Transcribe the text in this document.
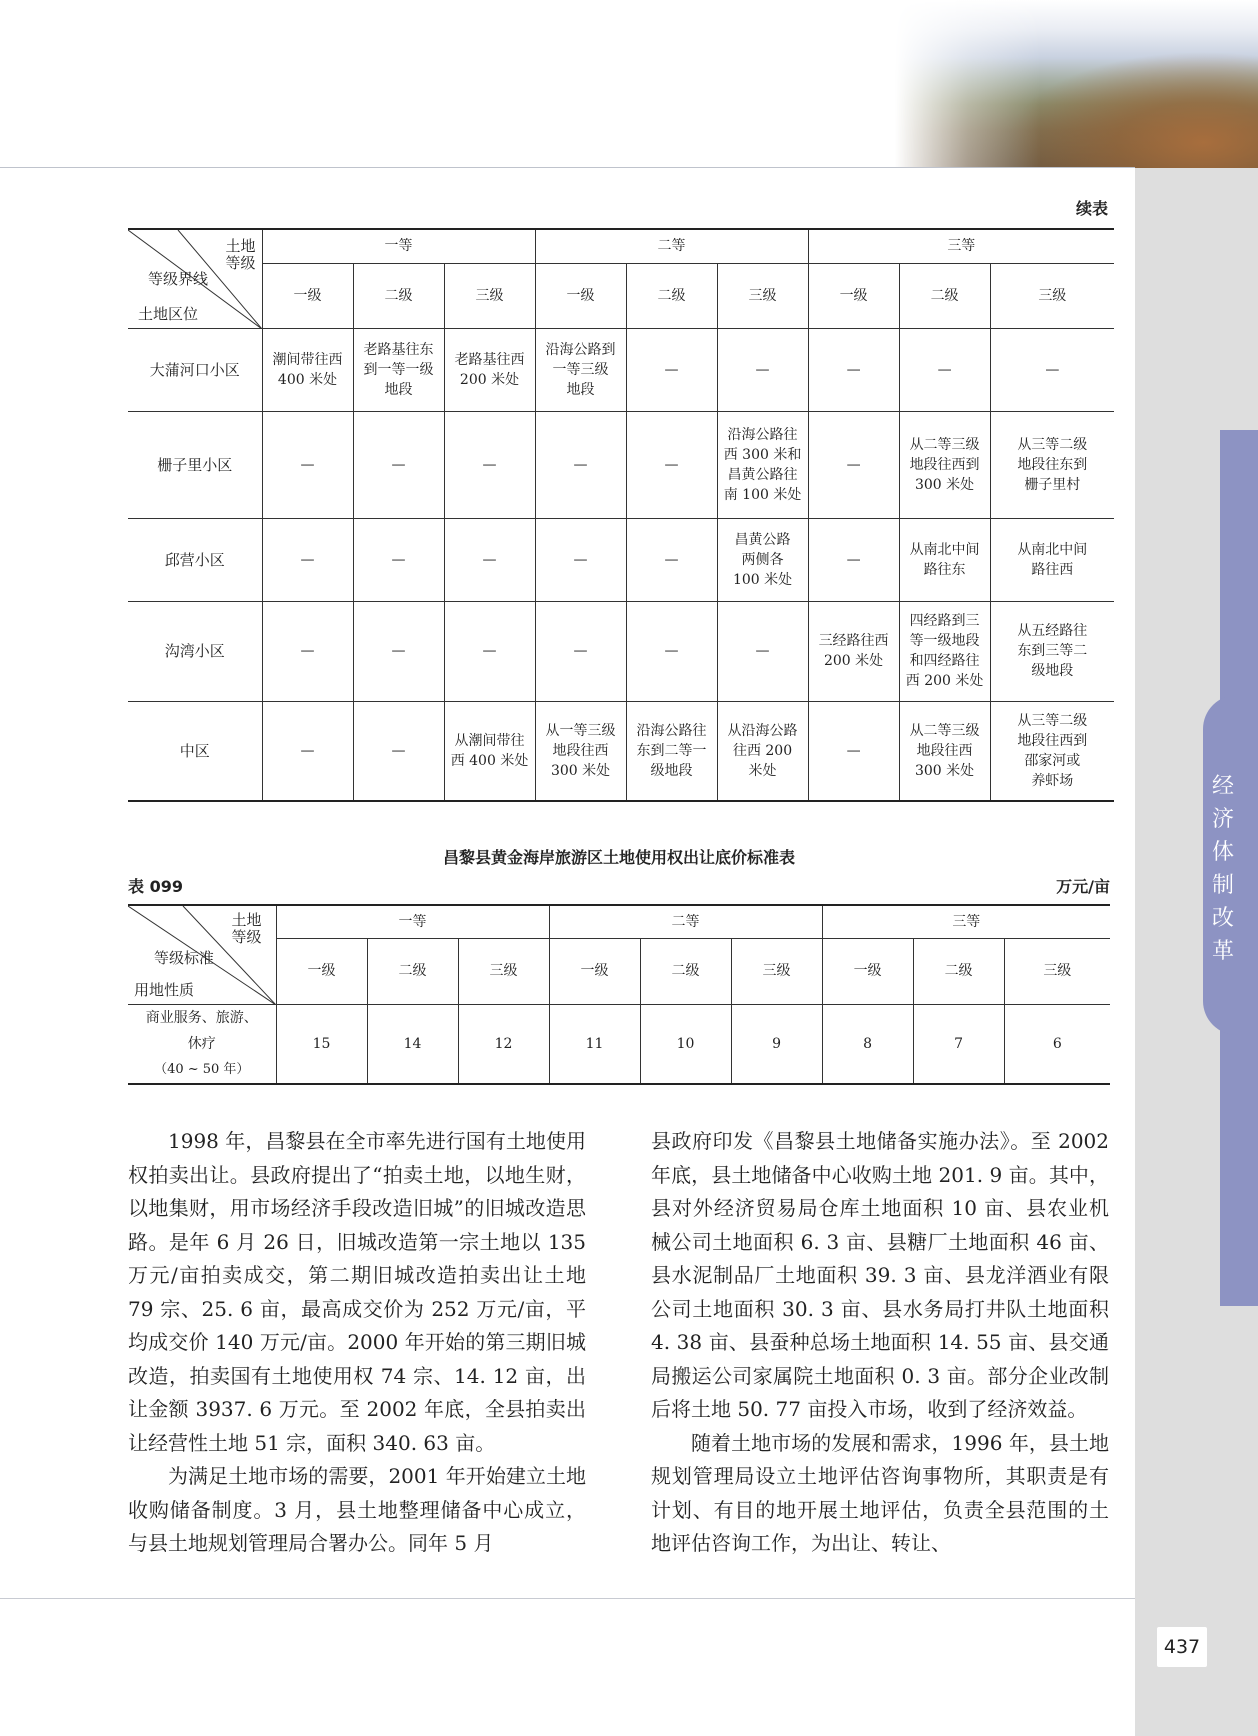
经
济
体
制
改
革
续表
土地
等级
等级界线
土地区位	一等			二等			三等		
	一级	二级	三级	一级	二级	三级	一级	二级	三级
大蒲河口小区	潮间带往西
400 米处	老路基往东
到一等一级
地段	老路基往西
200 米处	沿海公路到
一等三级
地段	—	—	—	—	—
栅子里小区	—	—	—	—	—	沿海公路往
西 300 米和
昌黄公路往
南 100 米处	—	从二等三级
地段往西到
300 米处	从三等二级
地段往东到
栅子里村
邱营小区	—	—	—	—	—	昌黄公路
两侧各
100 米处	—	从南北中间
路往东	从南北中间
路往西
沟湾小区	—	—	—	—	—	—	三经路往西
200 米处	四经路到三
等一级地段
和四经路往
西 200 米处	从五经路往
东到三等二
级地段
中区	—	—	从潮间带往
西 400 米处	从一等三级
地段往西
300 米处	沿海公路往
东到二等一
级地段	从沿海公路
往西 200
米处	—	从二等三级
地段往西
300 米处	从三等二级
地段往西到
邵家河或
养虾场
昌黎县黄金海岸旅游区土地使用权出让底价标准表
表 099	万元/亩
土地
等级
等级标准
用地性质	一等			二等			三等		
	一级	二级	三级	一级	二级	三级	一级	二级	三级

商业服务、旅游、
休疗
（40 ~ 50 年）	15	14	12	11	10	9	8	7	6

1998 年，昌黎县在全市率先进行国有土地使用权拍卖出让。县政府提出了“拍卖土地，以地生财，以地集财，用市场经济手段改造旧城”的旧城改造思路。是年 6 月 26 日，旧城改造第一宗土地以 135 万元/亩拍卖成交，第二期旧城改造拍卖出让土地 79 宗、25. 6 亩，最高成交价为 252 万元/亩，平均成交价 140 万元/亩。2000 年开始的第三期旧城改造，拍卖国有土地使用权 74 宗、14. 12 亩，出让金额 3937. 6 万元。至 2002 年底，全县拍卖出让经营性土地 51 宗，面积 340. 63 亩。

为满足土地市场的需要，2001 年开始建立土地收购储备制度。3 月，县土地整理储备中心成立，与县土地规划管理局合署办公。同年 5 月

县政府印发《昌黎县土地储备实施办法》。至 2002 年底，县土地储备中心收购土地 201. 9 亩。其中，县对外经济贸易局仓库土地面积 10 亩、县农业机械公司土地面积 6. 3 亩、县糖厂土地面积 46 亩、县水泥制品厂土地面积 39. 3 亩、县龙洋酒业有限公司土地面积 30. 3 亩、县水务局打井队土地面积 4. 38 亩、县蚕种总场土地面积 14. 55 亩、县交通局搬运公司家属院土地面积 0. 3 亩。部分企业改制后将土地 50. 77 亩投入市场，收到了经济效益。

随着土地市场的发展和需求，1996 年，县土地规划管理局设立土地评估咨询事物所，其职责是有计划、有目的地开展土地评估，负责全县范围的土地评估咨询工作，为出让、转让、

437
